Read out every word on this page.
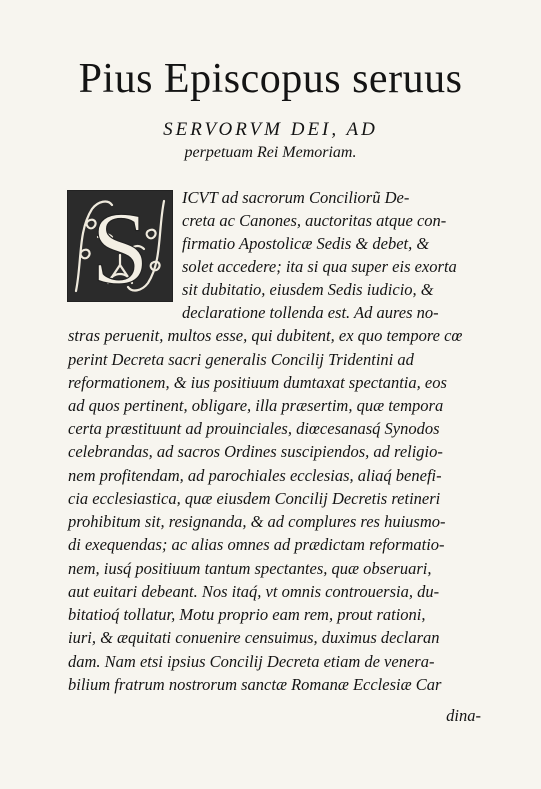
Pius Episcopus seruus
SERVORVM DEI, AD
perpetuam Rei Memoriam.
S ICVT ad sacrorum Conciliorũ De-
creta ac Canones, auctoritas atque con-
firmatio Apostolicæ Sedis & debet, &
solet accedere; ita si qua super eis exorta
sit dubitatio, eiusdem Sedis iudicio, &
declaratione tollenda est. Ad aures no-
stras peruenit, multos esse, qui dubitent, ex quo tempore cœ
perint Decreta sacri generalis Concilij Tridentini ad
reformationem, & ius positiuum dumtaxat spectantia, eos
ad quos pertinent, obligare, illa præsertim, quæ tempora
certa præstituunt ad prouinciales, diœcesanasq́ Synodos
celebrandas, ad sacros Ordines suscipiendos, ad religio-
nem profitendam, ad parochiales ecclesias, aliaq́ benefi-
cia ecclesiastica, quæ eiusdem Concilij Decretis retineri
prohibitum sit, resignanda, & ad complures res huiusmo-
di exequendas; ac alias omnes ad prædictam reformatio-
nem, iusq́ positiuum tantum spectantes, quæ obseruari,
aut euitari debeant. Nos itaq́, vt omnis controuersia, du-
bitatioq́ tollatur, Motu proprio eam rem, prout rationi,
iuri, & æquitati conuenire censuimus, duximus declaran
dam. Nam etsi ipsius Concilij Decreta etiam de venera-
bilium fratrum nostrorum sanctæ Romanæ Ecclesiæ Car
dina-
